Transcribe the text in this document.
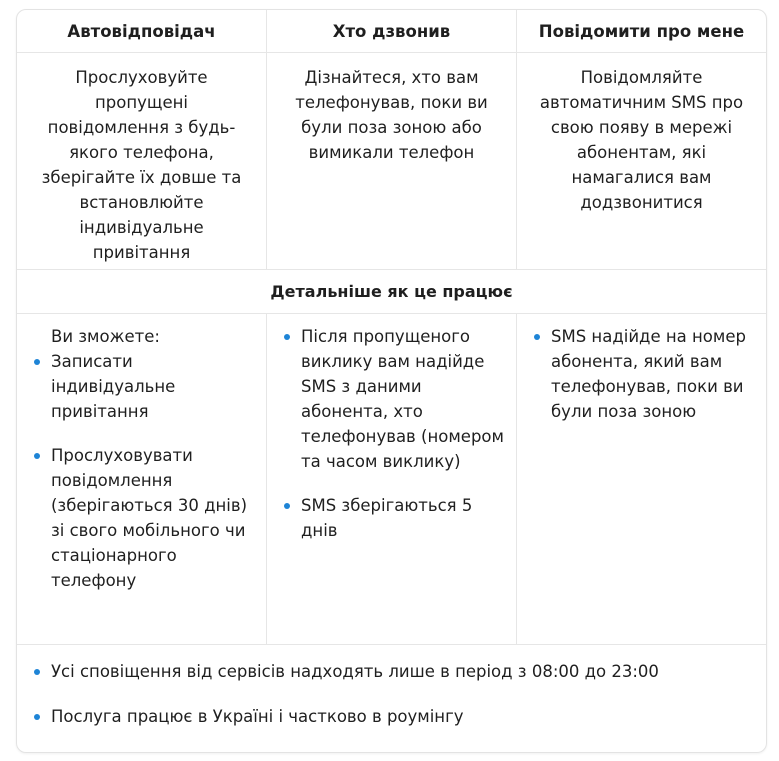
Автовідповідач	Хто дзвонив	Повідомити про мене
Прослуховуйте пропущені повідомлення з будь-якого телефона, зберігайте їх довше та встановлюйте індивідуальне привітання
Дізнайтеся, хто вам телефонував, поки ви були поза зоною або вимикали телефон
Повідомляйте автоматичним SMS про свою появу в мережі абонентам, які намагалися вам додзвонитися
Детальніше як це працює
Ви зможете:
Записати індивідуальне привітання
Прослуховувати повідомлення (зберігаються 30 днів) зі свого мобільного чи стаціонарного телефону
Після пропущеного виклику вам надійде SMS з даними абонента, хто телефонував (номером та часом виклику)
SMS зберігаються 5 днів
SMS надійде на номер абонента, який вам телефонував, поки ви були поза зоною
Усі сповіщення від сервісів надходять лише в період з 08:00 до 23:00
Послуга працює в Україні і частково в роумінгу
